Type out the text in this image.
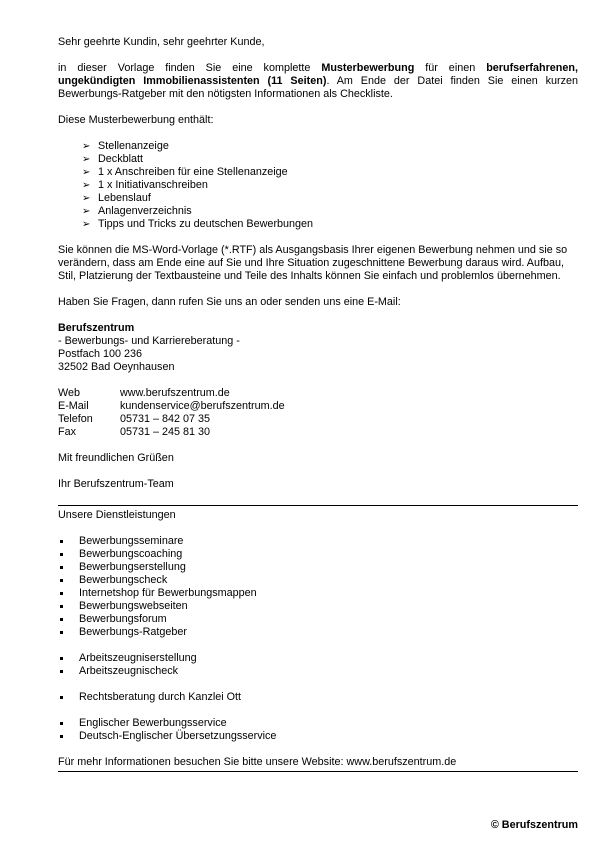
Sehr geehrte Kundin, sehr geehrter Kunde,

in dieser Vorlage finden Sie eine komplette Musterbewerbung für einen berufserfahrenen, ungekündigten Immobilienassistenten (11 Seiten). Am Ende der Datei finden Sie einen kurzen Bewerbungs-Ratgeber mit den nötigsten Informationen als Checkliste.

Diese Musterbewerbung enthält:

➢ Stellenanzeige
➢ Deckblatt
➢ 1 x Anschreiben für eine Stellenanzeige
➢ 1 x Initiativanschreiben
➢ Lebenslauf
➢ Anlagenverzeichnis
➢ Tipps und Tricks zu deutschen Bewerbungen

Sie können die MS-Word-Vorlage (*.RTF) als Ausgangsbasis Ihrer eigenen Bewerbung nehmen und sie so verändern, dass am Ende eine auf Sie und Ihre Situation zugeschnittene Bewerbung daraus wird. Aufbau, Stil, Platzierung der Textbausteine und Teile des Inhalts können Sie einfach und problemlos übernehmen.

Haben Sie Fragen, dann rufen Sie uns an oder senden uns eine E-Mail:

Berufszentrum
- Bewerbungs- und Karriereberatung -
Postfach 100 236
32502 Bad Oeynhausen
Web	www.berufszentrum.de
E-Mail	kundenservice@berufszentrum.de
Telefon	05731 – 842 07 35
Fax	05731 – 245 81 30

Mit freundlichen Grüßen

Ihr Berufszentrum-Team

Unsere Dienstleistungen

Bewerbungsseminare
Bewerbungscoaching
Bewerbungserstellung
Bewerbungscheck
Internetshop für Bewerbungsmappen
Bewerbungswebseiten
Bewerbungsforum
Bewerbungs-Ratgeber
Arbeitszeugniserstellung
Arbeitszeugnischeck
Rechtsberatung durch Kanzlei Ott
Englischer Bewerbungsservice
Deutsch-Englischer Übersetzungsservice

Für mehr Informationen besuchen Sie bitte unsere Website: www.berufszentrum.de

© Berufszentrum
